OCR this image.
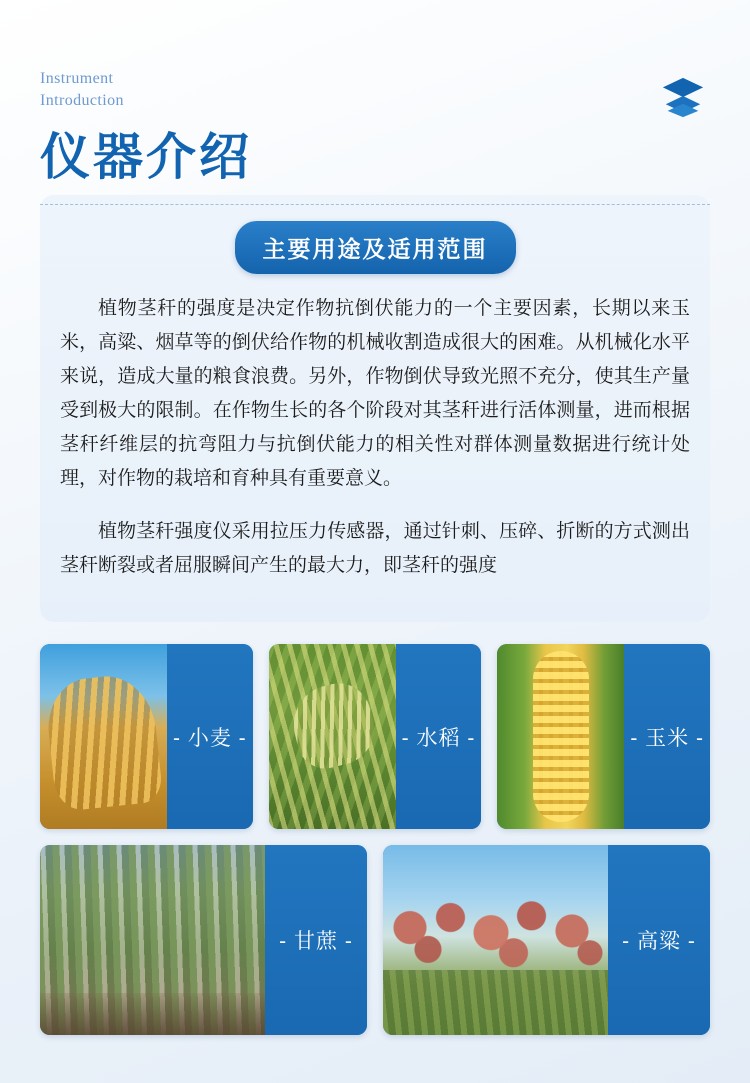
Instrument
Introduction
仪器介绍
主要用途及适用范围

植物茎秆的强度是决定作物抗倒伏能力的一个主要因素，长期以来玉米，高粱、烟草等的倒伏给作物的机械收割造成很大的困难。从机械化水平来说，造成大量的粮食浪费。另外，作物倒伏导致光照不充分，使其生产量受到极大的限制。在作物生长的各个阶段对其茎秆进行活体测量，进而根据茎秆纤维层的抗弯阻力与抗倒伏能力的相关性对群体测量数据进行统计处理，对作物的栽培和育种具有重要意义。

植物茎秆强度仪采用拉压力传感器，通过针刺、压碎、折断的方式测出茎秆断裂或者屈服瞬间产生的最大力，即茎秆的强度

- 小麦 -	- 水稻 -	- 玉米 -
- 甘蔗 -	- 高粱 -
